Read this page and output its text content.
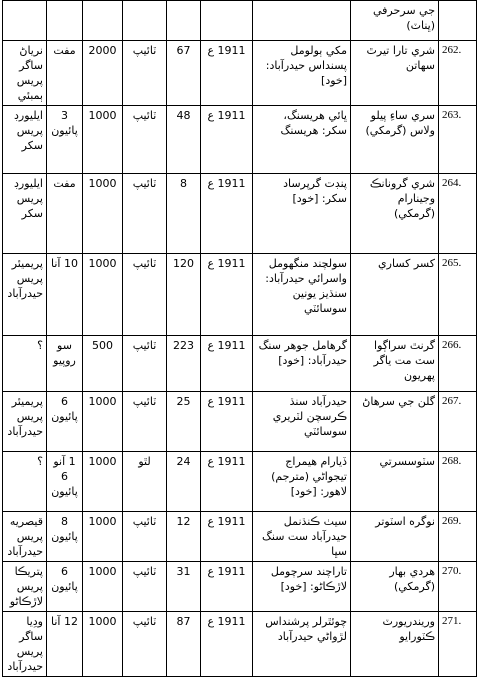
	جي سرحرفي (ڀناٽ)							
262.	شري تارا تيرٿ سهاتن	مکي ٻولومل پسنداس حيدرآباد: [خود]	1911 ع	67	ٽائيپ	2000	مفت	نرياڻ ساگر پريس ٻمبئي
263.	سري ساءِ پيلو ولاس (گرمکي)	ڀائي هريسنگ، سکر: هريسنگ	1911 ع	48	ٽائيپ	1000	3 پائيون	ايليورڊ پريس سکر
264.	شري گرونانڪ وجينارام (گرمکي)	پنڊت گرپرساد سکر: [خود]	1911 ع	8	ٽائيپ	1000	مفت	ايليورڊ پريس سکر
265.	کسر کساري	سولچند منگهومل واسرائي حيدرآباد: سنڌيز يونين سوسائٽي	1911 ع	120	ٽائيپ	1000	10 آنا	پريميئر پريس حيدرآباد
266.	گرنٿ سراڳوا سٽ مت ياگر پهريون	گرهامل جوهر سنگ حيدرآباد: [خود]	1911 ع	223	ٽائيپ	500	سو روپيو	؟
267.	گلن جي سرهاڻ	حيدرآباد سنڌ ڪرسچن لٽريري سوسائٽي	1911 ع	25	ٽائيپ	1000	6 پائيون	پريميئر پريس حيدرآباد
268.	سٽوسسرتي	ڏيارام هيمراج تيجواڻي (مترجم) لاهور: [خود]	1911 ع	24	لٿو	1000	1 آنو 6 پائيون	؟
269.	نوگره اسٽوتر	سيٺ ڪنڌنمل حيدرآباد ست سنگ سڀا	1911 ع	12	ٽائيپ	1000	8 پائيون	قيصريه پريس حيدرآباد
270.	هردي بهار (گرمکي)	تاراچند سرچومل لاڙڪاڻو: [خود]	1911 ع	31	ٽائيپ	1000	6 پائيون	پتريڪا پريس لاڙڪاڻو
271.	وريندريورٽ ڪٽورايو	چوئٿرلر پرشنداس لڙواڻي حيدرآباد	1911 ع	87	ٽائيپ	1000	12 آنا	ودِيا ساگر پريس حيدرآباد
